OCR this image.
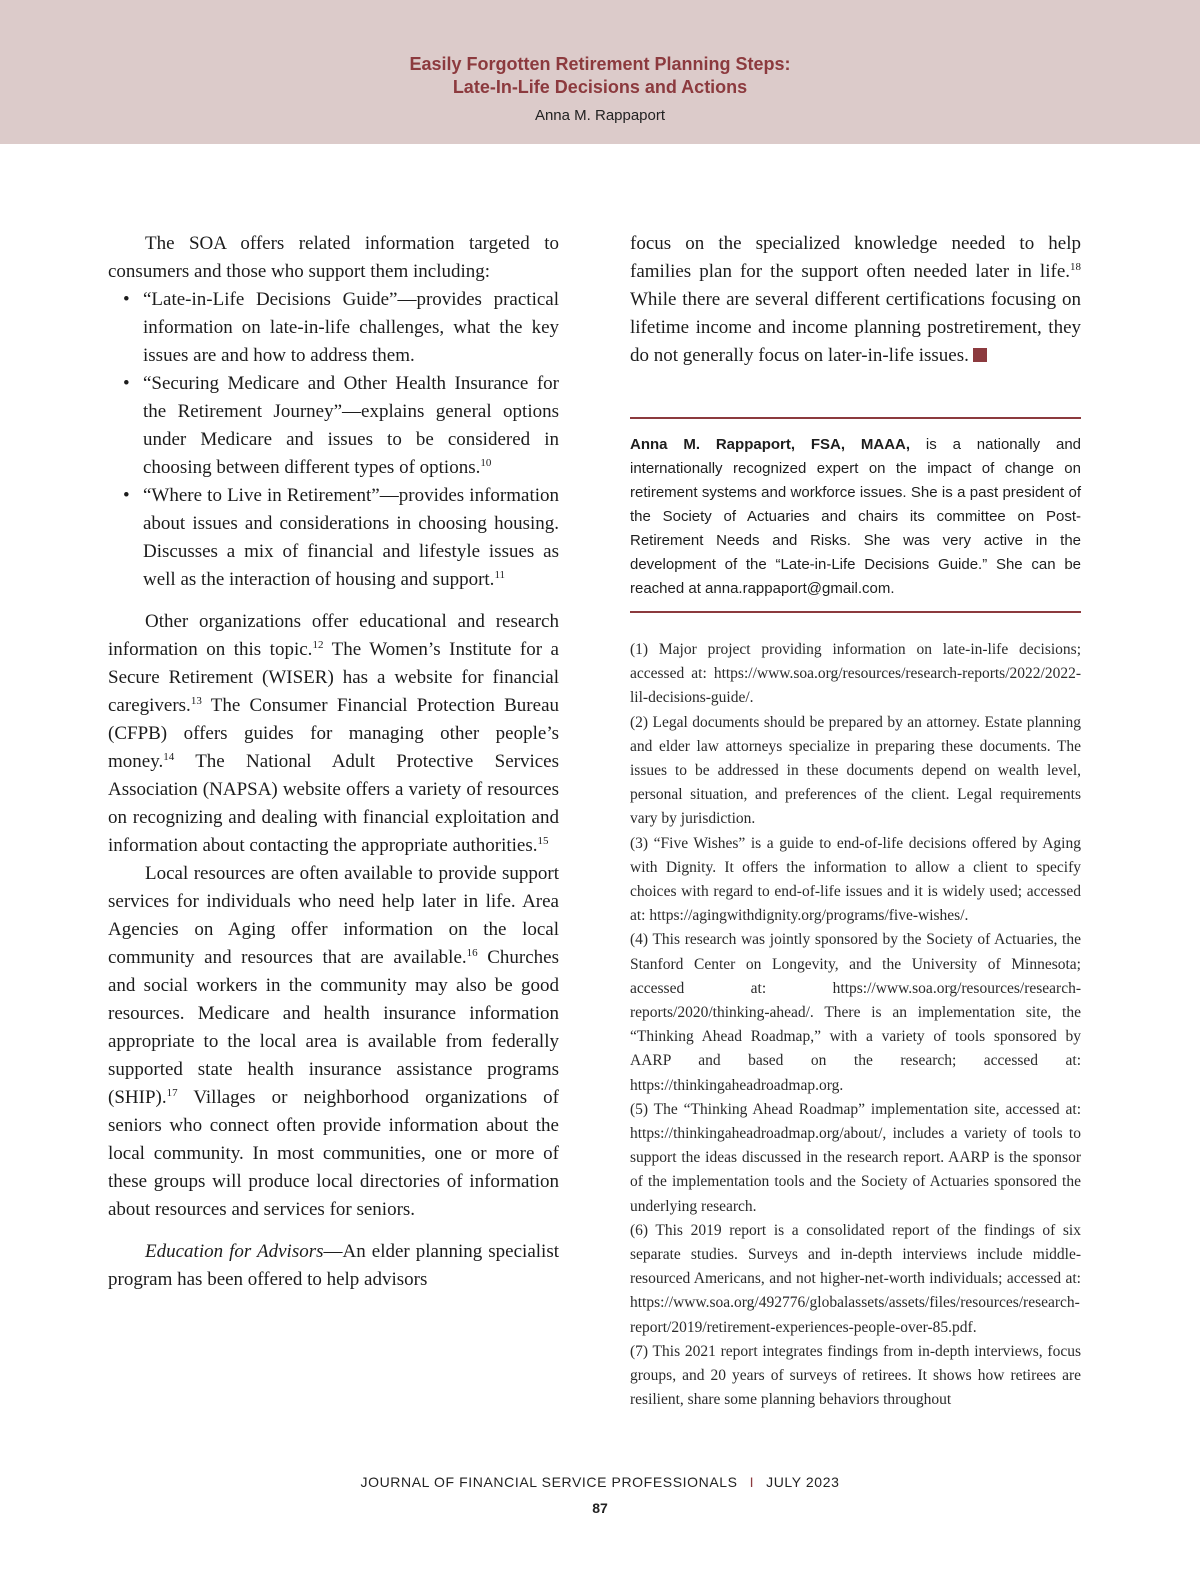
Easily Forgotten Retirement Planning Steps:
Late-In-Life Decisions and Actions
Anna M. Rappaport

The SOA offers related information targeted to consumers and those who support them including:

• “Late-in-Life Decisions Guide”—provides practical information on late-in-life challenges, what the key issues are and how to address them.
• “Securing Medicare and Other Health Insurance for the Retirement Journey”—explains general options under Medicare and issues to be considered in choosing between different types of options.$^{10}$
• “Where to Live in Retirement”—provides information about issues and considerations in choosing housing. Discusses a mix of financial and lifestyle issues as well as the interaction of housing and support.$^{11}$

Other organizations offer educational and research information on this topic.$^{12}$ The Women’s Institute for a Secure Retirement (WISER) has a website for financial caregivers.$^{13}$ The Consumer Financial Protection Bureau (CFPB) offers guides for managing other people’s money.$^{14}$ The National Adult Protective Services Association (NAPSA) website offers a variety of resources on recognizing and dealing with financial exploitation and information about contacting the appropriate authorities.$^{15}$

Local resources are often available to provide support services for individuals who need help later in life. Area Agencies on Aging offer information on the local community and resources that are available.$^{16}$ Churches and social workers in the community may also be good resources. Medicare and health insurance information appropriate to the local area is available from federally supported state health insurance assistance programs (SHIP).$^{17}$ Villages or neighborhood organizations of seniors who connect often provide information about the local community. In most communities, one or more of these groups will produce local directories of information about resources and services for seniors.

Education for Advisors—An elder planning specialist program has been offered to help advisors

focus on the specialized knowledge needed to help families plan for the support often needed later in life.$^{18}$ While there are several different certifications focusing on lifetime income and income planning postretirement, they do not generally focus on later-in-life issues.

Anna M. Rappaport, FSA, MAAA, is a nationally and internationally recognized expert on the impact of change on retirement systems and workforce issues. She is a past president of the Society of Actuaries and chairs its committee on Post-Retirement Needs and Risks. She was very active in the development of the “Late-in-Life Decisions Guide.” She can be reached at anna.rappaport@gmail.com.

(1) Major project providing information on late-in-life decisions; accessed at: https://www.soa.org/resources/research-reports/2022/2022-lil-decisions-guide/.

(2) Legal documents should be prepared by an attorney. Estate planning and elder law attorneys specialize in preparing these documents. The issues to be addressed in these documents depend on wealth level, personal situation, and preferences of the client. Legal requirements vary by jurisdiction.

(3) “Five Wishes” is a guide to end-of-life decisions offered by Aging with Dignity. It offers the information to allow a client to specify choices with regard to end-of-life issues and it is widely used; accessed at: https://agingwithdignity.org/programs/five-wishes/.

(4) This research was jointly sponsored by the Society of Actuaries, the Stanford Center on Longevity, and the University of Minnesota; accessed at: https://www.soa.org/resources/research-reports/2020/thinking-ahead/. There is an implementation site, the “Thinking Ahead Roadmap,” with a variety of tools sponsored by AARP and based on the research; accessed at: https://thinkingaheadroadmap.org.

(5) The “Thinking Ahead Roadmap” implementation site, accessed at: https://thinkingaheadroadmap.org/about/, includes a variety of tools to support the ideas discussed in the research report. AARP is the sponsor of the implementation tools and the Society of Actuaries sponsored the underlying research.

(6) This 2019 report is a consolidated report of the findings of six separate studies. Surveys and in-depth interviews include middle-resourced Americans, and not higher-net-worth individuals; accessed at: https://www.soa.org/492776/globalassets/assets/files/resources/research-report/2019/retirement-experiences-people-over-85.pdf.

(7) This 2021 report integrates findings from in-depth interviews, focus groups, and 20 years of surveys of retirees. It shows how retirees are resilient, share some planning behaviors throughout

JOURNAL OF FINANCIAL SERVICE PROFESSIONALS I JULY 2023
87
